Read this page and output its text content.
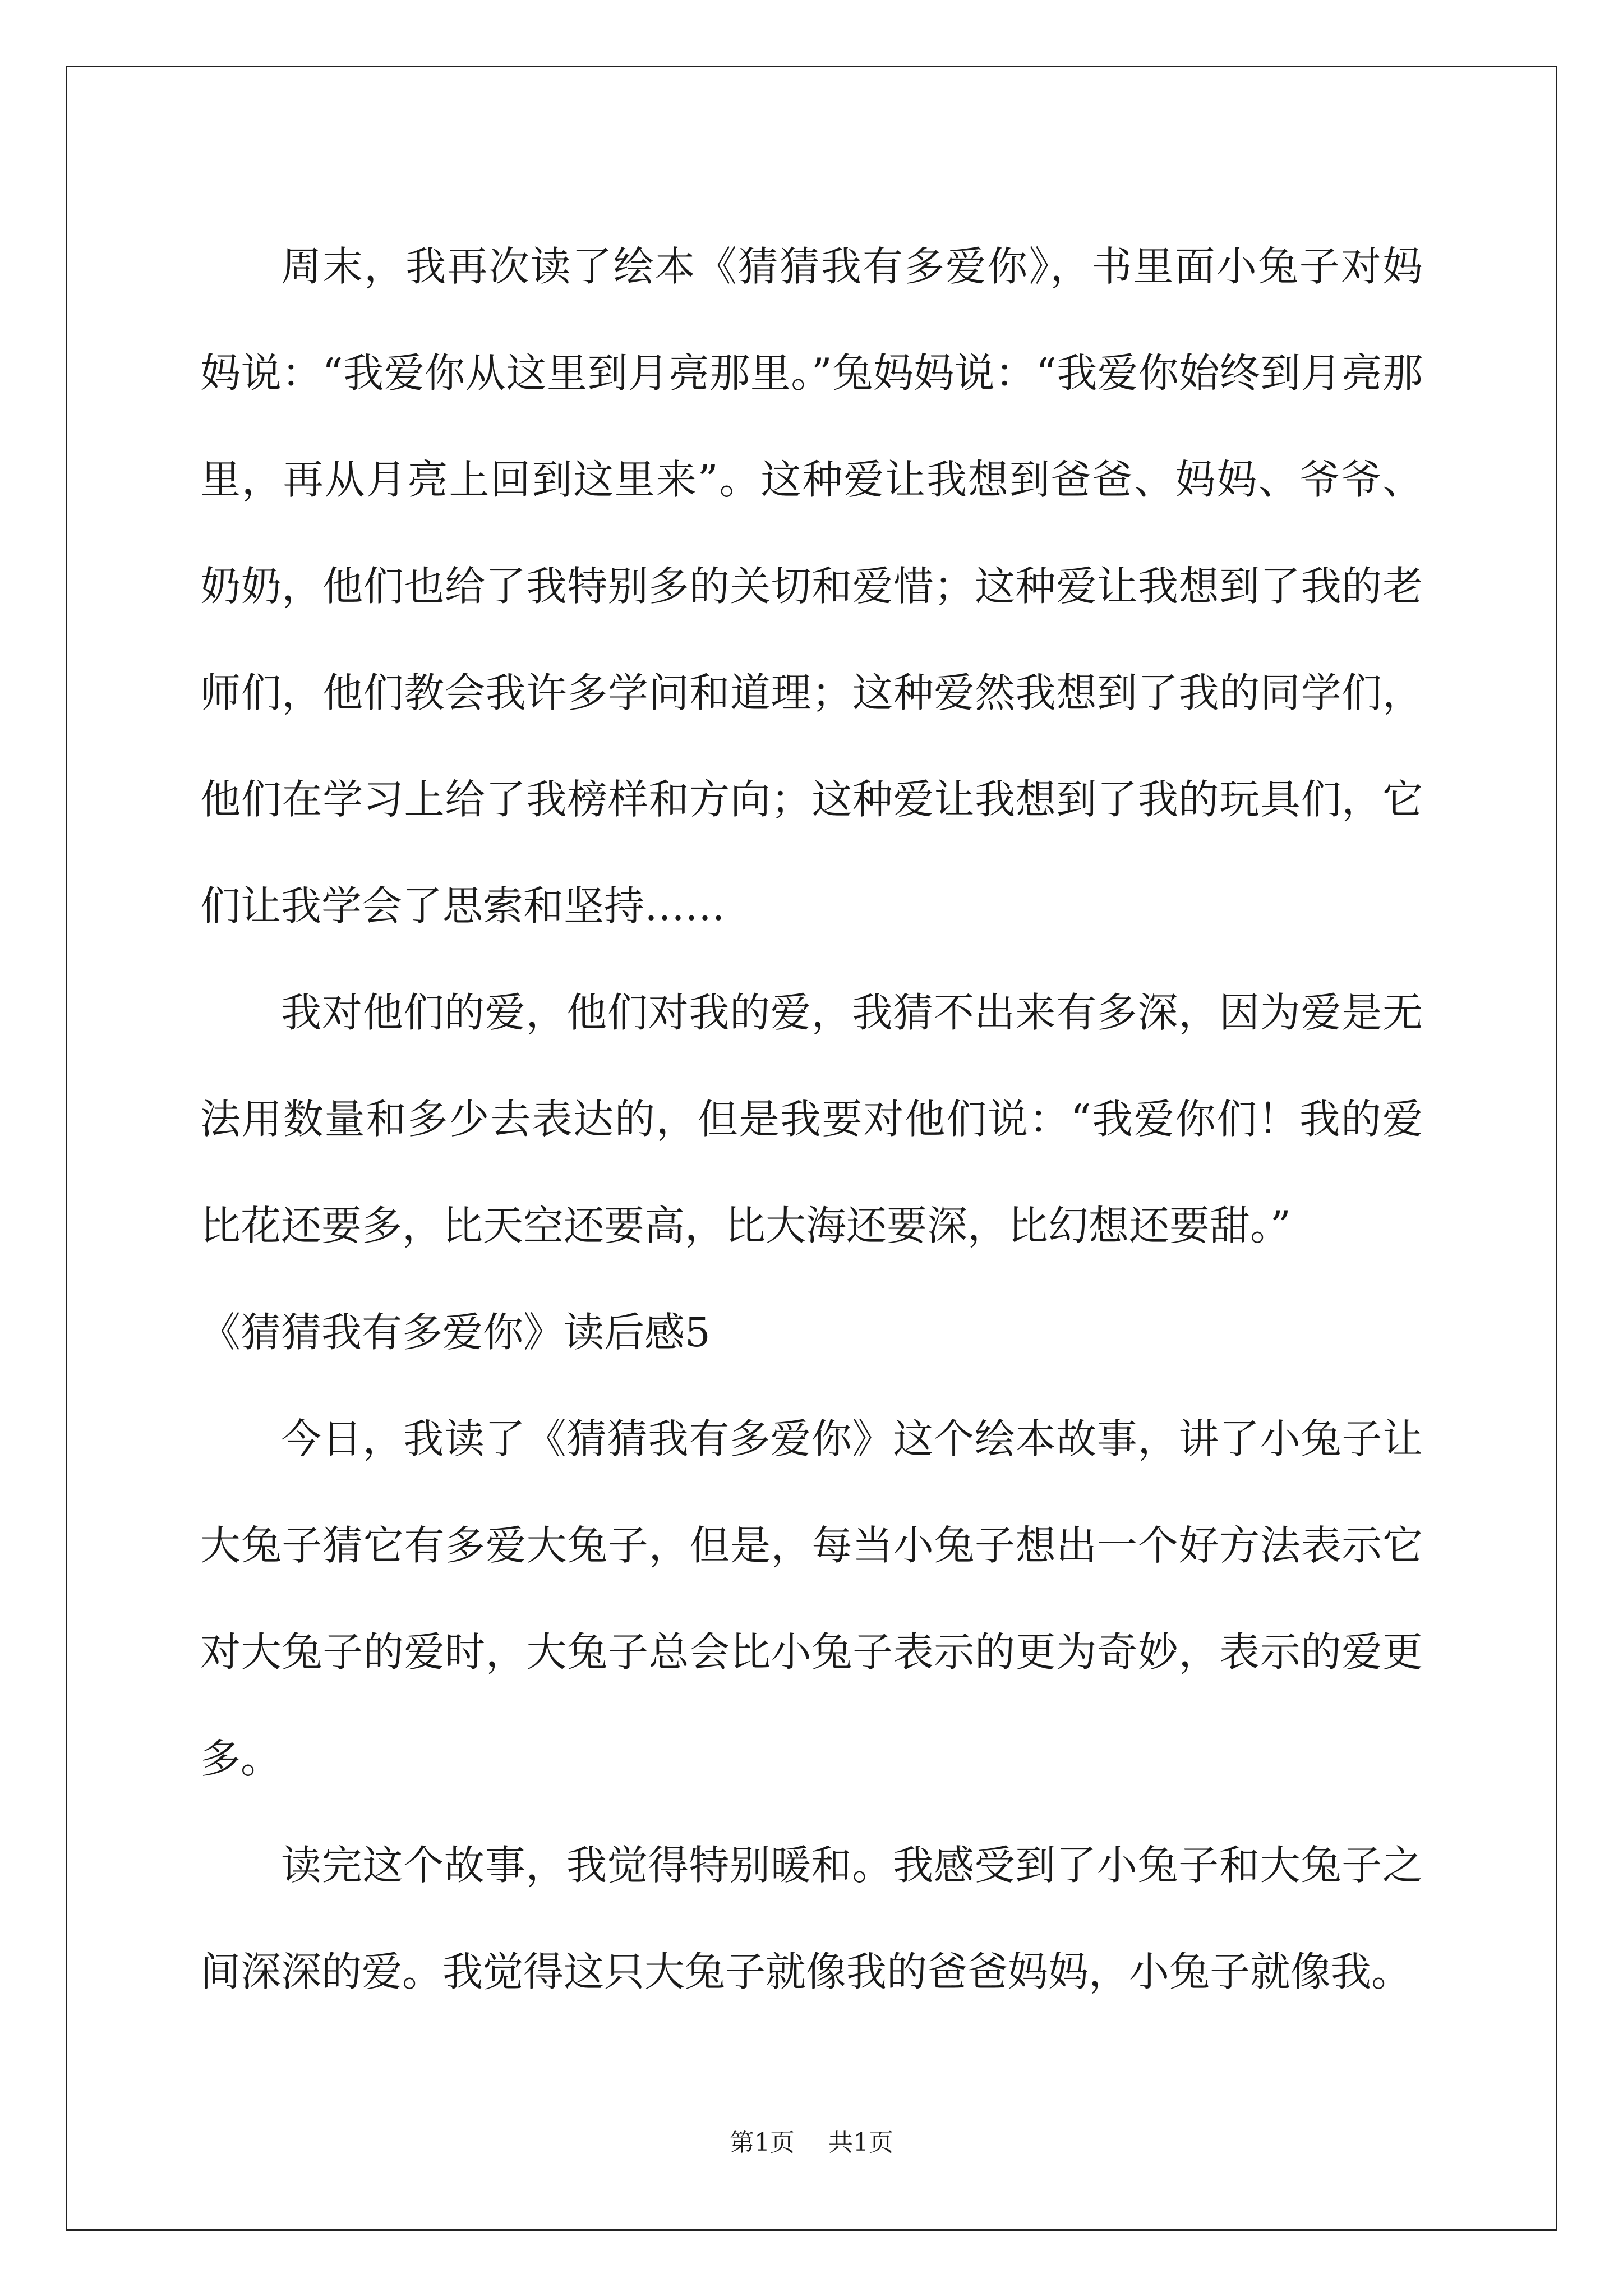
周末，我再次读了绘本《猜猜我有多爱你》，书里面小兔子对妈妈说：“我爱你从这里到月亮那里。”兔妈妈说：“我爱你始终到月亮那里，再从月亮上回到这里来”。这种爱让我想到爸爸、妈妈、爷爷、奶奶，他们也给了我特别多的关切和爱惜；这种爱让我想到了我的老师们，他们教会我许多学问和道理；这种爱然我想到了我的同学们，他们在学习上给了我榜样和方向；这种爱让我想到了我的玩具们，它们让我学会了思索和坚持……

我对他们的爱，他们对我的爱，我猜不出来有多深，因为爱是无法用数量和多少去表达的，但是我要对他们说：“我爱你们！我的爱比花还要多，比天空还要高，比大海还要深，比幻想还要甜。”

《猜猜我有多爱你》读后感5

今日，我读了《猜猜我有多爱你》这个绘本故事，讲了小兔子让大兔子猜它有多爱大兔子，但是，每当小兔子想出一个好方法表示它对大兔子的爱时，大兔子总会比小兔子表示的更为奇妙，表示的爱更多。

读完这个故事，我觉得特别暖和。我感受到了小兔子和大兔子之间深深的爱。我觉得这只大兔子就像我的爸爸妈妈，小兔子就像我。

第1页 共1页
